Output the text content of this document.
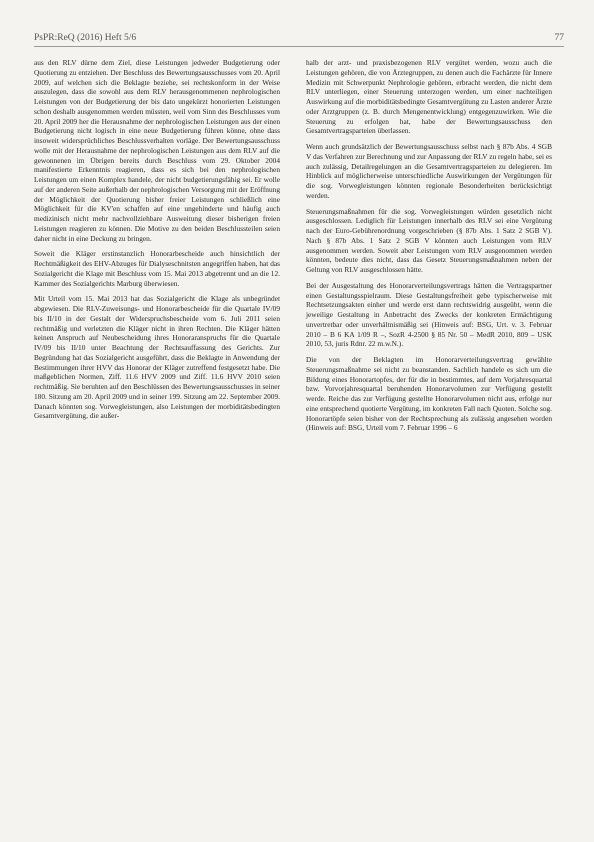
PsPR:ReQ (2016) Heft 5/6	77

aus den RLV dürne dem Ziel, diese Leistungen jedweder Budgetierung oder Quotierung zu entziehen. Der Beschluss des Bewertungsausschusses vom 20. April 2009, auf welchen sich die Beklagte beziehe, sei rechtskonform in der Weise auszulegen, dass die sowohl aus dem RLV herausgenommenen nephrologischen Leistungen von der Budgetierung der bis dato ungekürzt honorierten Leistungen schon deshalb ausgenommen werden müssten, weil vom Sinn des Beschlusses vom 20. April 2009 her die Herausnahme der nephrologischen Leistungen aus der einen Budgetierung nicht logisch in eine neue Budgetierung führen könne, ohne dass insoweit widersprüchliches Beschlussverhalten vorläge. Der Bewertungsausschuss wolle mit der Herausnahme der nephrologischen Leistungen aus dem RLV auf die gewonnenen im Übrigen bereits durch Beschluss vom 29. Oktober 2004 manifestierte Erkenntnis reagieren, dass es sich bei den nephrologischen Leistungen um einen Komplex handele, der nicht budgetierungsfähig sei. Er wolle auf der anderen Seite außerhalb der nephrologischen Versorgung mit der Eröffnung der Möglichkeit der Quotierung bisher freier Leistungen schließlich eine Möglichkeit für die KV'en schaffen auf eine ungehinderte und häufig auch medizinisch nicht mehr nachvollziehbare Ausweitung dieser bisherigen freien Leistungen reagieren zu können. Die Motive zu den beiden Beschlussteilen seien daher nicht in eine Deckung zu bringen.

Soweit die Kläger erstinstanzlich Honorarbescheide auch hinsichtlich der Rechtmäßigkeit des EHV-Abzuges für Dialyseschnitsten angegriffen haben, hat das Sozialgericht die Klage mit Beschluss vom 15. Mai 2013 abgetrennt und an die 12. Kammer des Sozialgerichts Marburg überwiesen.

Mit Urteil vom 15. Mai 2013 hat das Sozialgericht die Klage als unbegründet abgewiesen. Die RLV-Zuweisungs- und Honorarbescheide für die Quartale IV/09 bis II/10 in der Gestalt der Widerspruchsbescheide vom 6. Juli 2011 seien rechtmäßig und verletzten die Kläger nicht in ihren Rechten. Die Kläger hätten keinen Anspruch auf Neubescheidung ihres Honoraranspruchs für die Quartale IV/09 bis II/10 unter Beachtung der Rechtsauffassung des Gerichts. Zur Begründung hat das Sozialgericht ausgeführt, dass die Beklagte in Anwendung der Bestimmungen ihrer HVV das Honorar der Kläger zutreffend festgesetzt habe. Die maßgeblichen Normen, Ziff. 11.6 HVV 2009 und Ziff. 11.6 HVV 2010 seien rechtmäßig. Sie beruhten auf den Beschlüssen des Bewertungsausschusses in seiner 180. Sitzung am 20. April 2009 und in seiner 199. Sitzung am 22. September 2009. Danach könnten sog. Vorwegleistungen, also Leistungen der morbiditätsbedingten Gesamtvergütung, die außer-

halb der arzt- und praxisbezogenen RLV vergütet werden, wozu auch die Leistungen gehören, die von Ärztegruppen, zu denen auch die Fachärzte für Innere Medizin mit Schwerpunkt Nephrologie gehören, erbracht werden, die nicht dem RLV unterliegen, einer Steuerung unterzogen werden, um einer nachteiligen Auswirkung auf die morbiditätsbedingte Gesamtvergütung zu Lasten anderer Ärzte oder Arztgruppen (z. B. durch Mengenentwicklung) entgegenzuwirken. Wie die Steuerung zu erfolgen hat, habe der Bewertungsausschuss den Gesamtvertragsparteien überlassen.

Wenn auch grundsätzlich der Bewertungsausschuss selbst nach § 87b Abs. 4 SGB V das Verfahren zur Berechnung und zur Anpassung der RLV zu regeln habe, sei es auch zulässig, Detailregelungen an die Gesamtvertragsparteien zu delegieren. Im Hinblick auf möglicherweise unterschiedliche Auswirkungen der Vergütungen für die sog. Vorwegleistungen könnten regionale Besonderheiten berücksichtigt werden.

Steuerungsmaßnahmen für die sog. Vorwegleistungen würden gesetzlich nicht ausgeschlossen. Lediglich für Leistungen innerhalb des RLV sei eine Vergütung nach der Euro-Gebührenordnung vorgeschrieben (§ 87b Abs. 1 Satz 2 SGB V). Nach § 87b Abs. 1 Satz 2 SGB V könnten auch Leistungen vom RLV ausgenommen werden. Soweit aber Leistungen vom RLV ausgenommen werden könnten, bedeute dies nicht, dass das Gesetz Steuerungsmaßnahmen neben der Geltung von RLV ausgeschlossen hätte.

Bei der Ausgestaltung des Honorarverteilungsvertrags hätten die Vertragspartner einen Gestaltungsspielraum. Diese Gestaltungsfreiheit gebe typischerweise mit Rechtsetzungsakten einher und werde erst dann rechtswidrig ausgeübt, wenn die jeweilige Gestaltung in Anbetracht des Zwecks der konkreten Ermächtigung unvertretbar oder unverhältnismäßig sei (Hinweis auf: BSG, Urt. v. 3. Februar 2010 – B 6 KA 1/09 R –, SozR 4-2500 § 85 Nr. 50 – MedR 2010, 809 – USK 2010, 53, juris Rdnr. 22 m.w.N.).

Die von der Beklagten im Honorarverteilungsvertrag gewählte Steuerungsmaßnahme sei nicht zu beanstanden. Sachlich handele es sich um die Bildung eines Honorartopfes, der für die in bestimmtes, auf dem Vorjahresquartal bzw. Vorvorjahresquartal beruhenden Honorarvolumen zur Verfügung gestellt werde. Reiche das zur Verfügung gestellte Honorarvolumen nicht aus, erfolge nur eine entsprechend quotierte Vergütung, im konkreten Fall nach Quoten. Solche sog. Honorartöpfe seien bisher von der Rechtsprechung als zulässig angesehen worden (Hinweis auf: BSG, Urteil vom 7. Februar 1996 – 6
